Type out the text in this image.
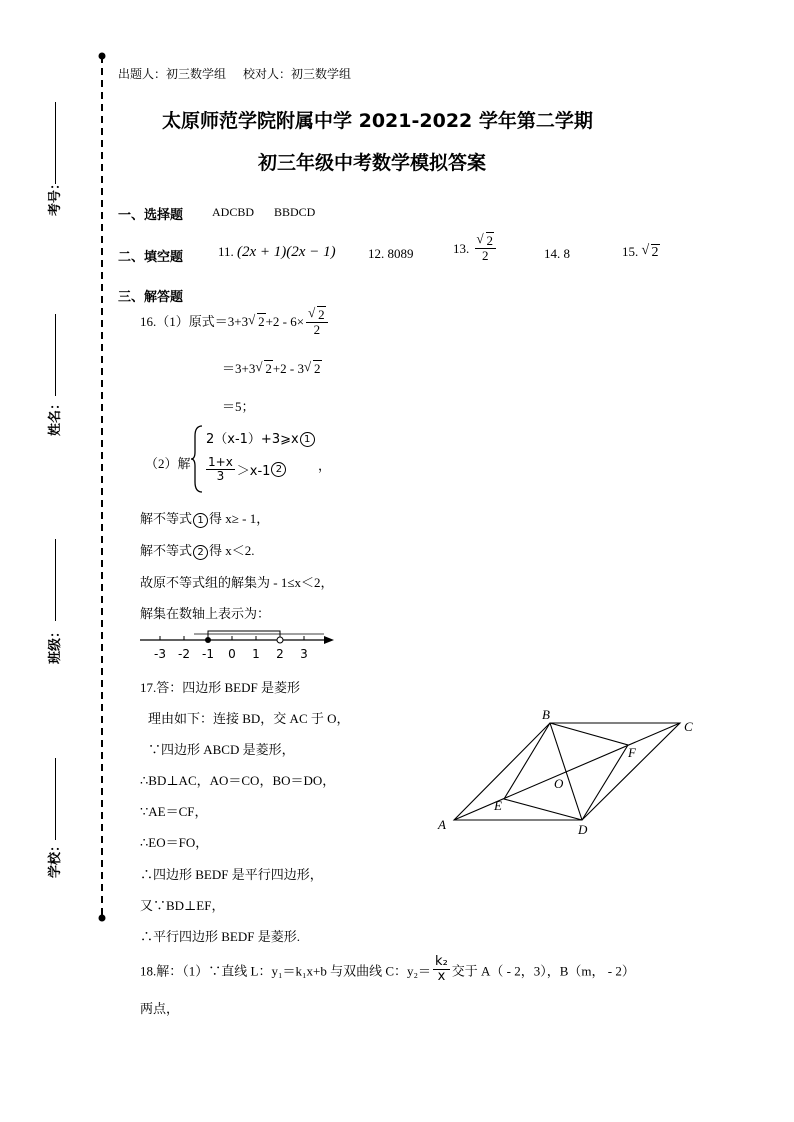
考号：
姓名：
班级：
学校：
出题人：初三数学组 校对人：初三数学组
太原师范学院附属中学 2021-2022 学年第二学期
初三年级中考数学模拟答案
一、选择题 ADCBD BBDCD
二、填空题	11. (2x + 1)(2x − 1) 12. 8089	13. √ $\frac{2}{2}$	14. 8	15. √ 2
三、解答题
16.（1）原式＝3+3 √ 2+2 - 6× √ $\frac{2}{2}$
＝3+3 √ 2+2 - 3 √ 2
＝5；
（2）解
2（x-1）+3⩾x 1
$\frac{1+x}{3} >x-1$ 2	，
解不等式 1 得 x≥ - 1，
解不等式 2 得 x＜2.
故原不等式组的解集为 - 1≤x＜2，
解集在数轴上表示为：
-3 -2 -1 0 1 2 3
17.答：四边形 BEDF 是菱形
理由如下：连接 BD，交 AC 于 O，
∵四边形 ABCD 是菱形，
∴BD⊥AC，AO＝CO，BO＝DO，
∵AE＝CF，
∴EO＝FO，
∴四边形 BEDF 是平行四边形，
又∵BD⊥EF，
∴平行四边形 BEDF 是菱形.
A
B
C
D
E
F
O
18.解：（1）∵直线 L：y₁＝k₁x+b 与双曲线 C：$y_2= \frac{\text{k₂}}{x}$ 交于 A（ - 2，3），B（m， - 2）
两点，
